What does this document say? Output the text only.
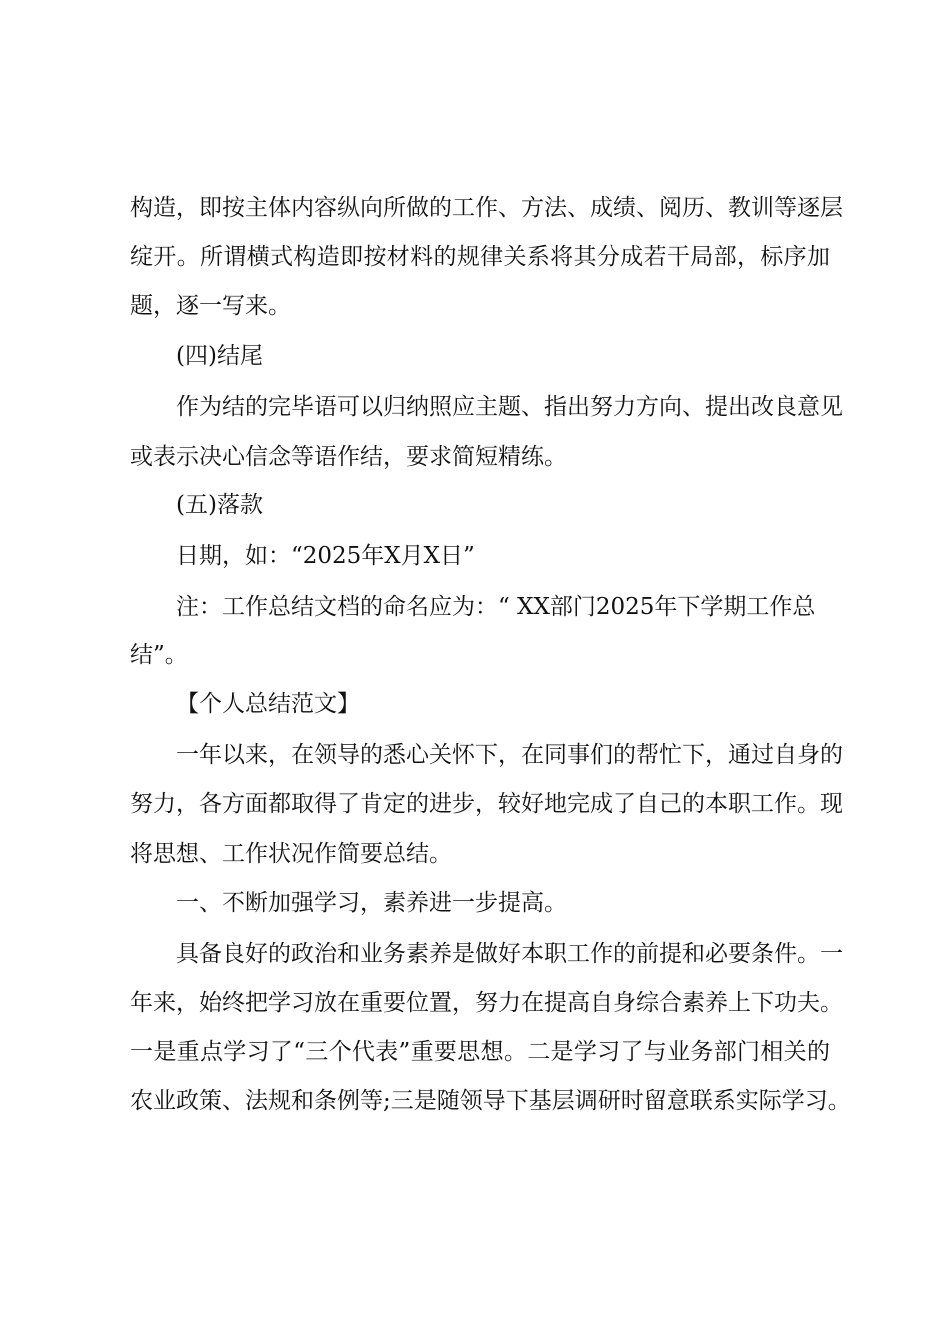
构造，即按主体内容纵向所做的工作、方法、成绩、阅历、教训等逐层
绽开。所谓横式构造即按材料的规律关系将其分成若干局部，标序加
题，逐一写来。
(四)结尾
作为结的完毕语可以归纳照应主题、指出努力方向、提出改良意见
或表示决心信念等语作结，要求简短精练。
(五)落款
日期，如：“2025年X月X日”
注：工作总结文档的命名应为：“ XX部门2025年下学期工作总
结”。
【个人总结范文】
一年以来，在领导的悉心关怀下，在同事们的帮忙下，通过自身的
努力，各方面都取得了肯定的进步，较好地完成了自己的本职工作。现
将思想、工作状况作简要总结。
一、不断加强学习，素养进一步提高。
具备良好的政治和业务素养是做好本职工作的前提和必要条件。一
年来，始终把学习放在重要位置，努力在提高自身综合素养上下功夫。
一是重点学习了“三个代表”重要思想。二是学习了与业务部门相关的
农业政策、法规和条例等;三是随领导下基层调研时留意联系实际学习。
